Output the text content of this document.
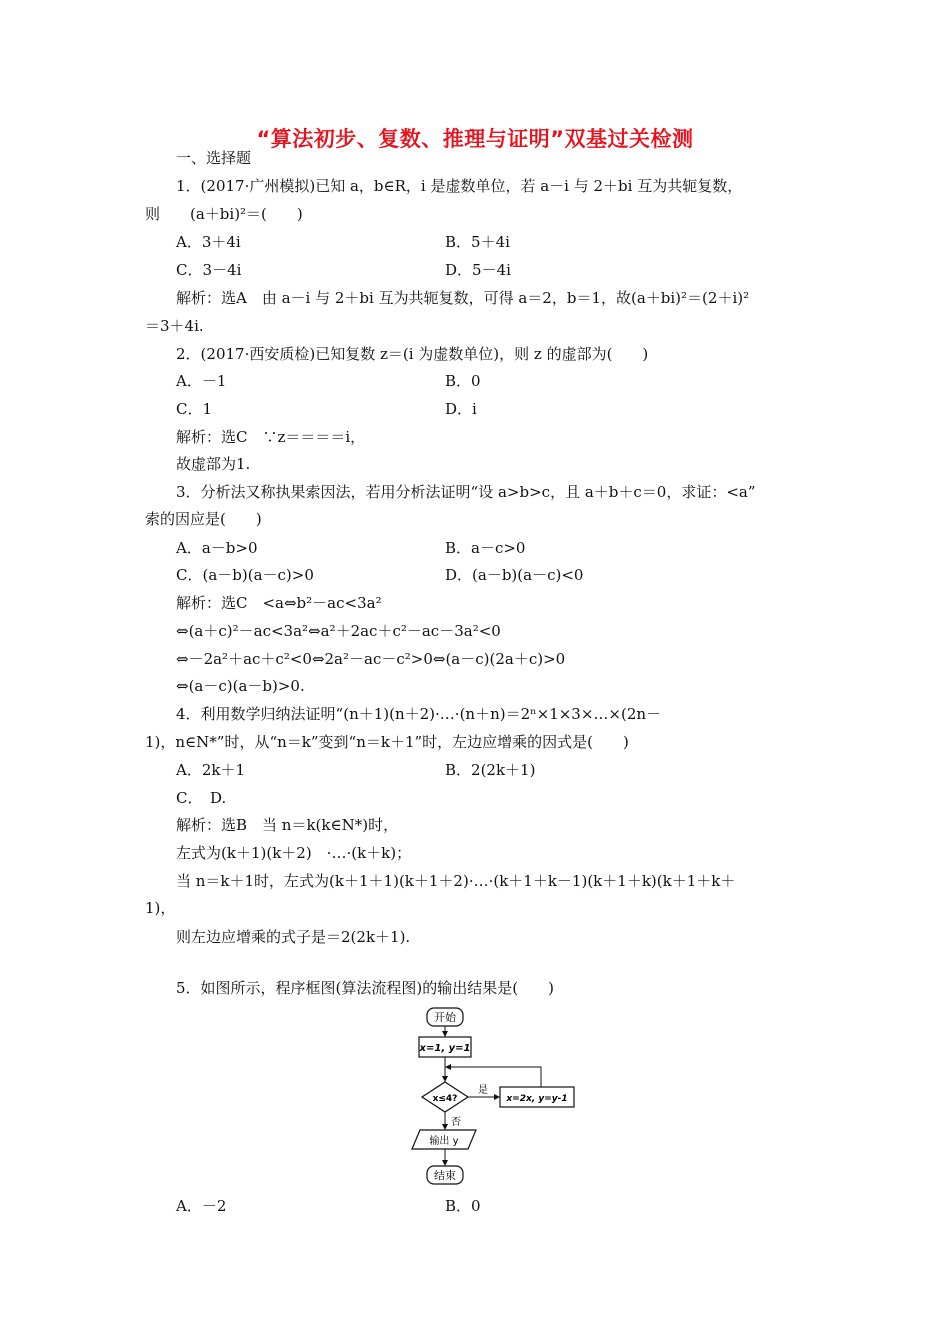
“算法初步、复数、推理与证明”双基过关检测
一、选择题
1．(2017·广州模拟)已知 a，b∈R，i 是虚数单位，若 a－i 与 2＋bi 互为共轭复数，
则　　(a＋bi)²＝(　　)
A．3＋4i	B．5＋4i
C．3－4i	D．5－4i
解析：选A　由 a－i 与 2＋bi 互为共轭复数，可得 a＝2，b＝1，故(a＋bi)²＝(2＋i)²
＝3＋4i.
2．(2017·西安质检)已知复数 z＝(i 为虚数单位)，则 z 的虚部为(　　)
A．－1	B．0
C．1	D．i
解析：选C　∵z＝＝＝＝i，
故虚部为1.
3．分析法又称执果索因法，若用分析法证明“设 a>b>c，且 a＋b＋c＝0，求证：<a”
索的因应是(　　)
A．a－b>0	B．a－c>0
C．(a－b)(a－c)>0	D．(a－b)(a－c)<0
解析：选C　<a⇔b²－ac<3a²
⇔(a＋c)²－ac<3a²⇔a²＋2ac＋c²－ac－3a²<0
⇔－2a²＋ac＋c²<0⇔2a²－ac－c²>0⇔(a－c)(2a＋c)>0
⇔(a－c)(a－b)>0.
4．利用数学归纳法证明“(n＋1)(n＋2)·…·(n＋n)＝2ⁿ×1×3×…×(2n－
1)，n∈N*”时，从“n＝k”变到“n＝k＋1”时，左边应增乘的因式是(　　)
A．2k＋1	B．2(2k＋1)
C．　D.
解析：选B　当 n＝k(k∈N*)时，
左式为(k＋1)(k＋2)　·…·(k＋k)；
当 n＝k＋1时，左式为(k＋1＋1)(k＋1＋2)·…·(k＋1＋k－1)(k＋1＋k)(k＋1＋k＋
1)，
则左边应增乘的式子是＝2(2k＋1).
5．如图所示，程序框图(算法流程图)的输出结果是(　　)
开始
x=1, y=1
x≤4?
是
x=2x, y=y-1
否
输出 y
结束
A．－2	B．0
